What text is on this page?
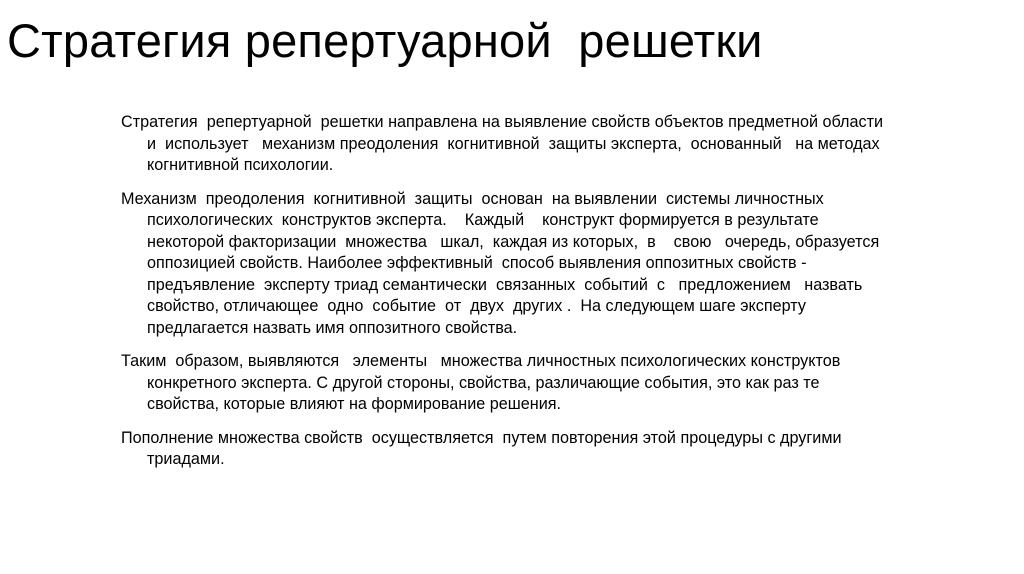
Стратегия репертуарной  решетки

Стратегия  репертуарной  решетки направлена на выявление свойств объектов предметной области и  использует   механизм преодоления  когнитивной  защиты эксперта,  основанный   на методах когнитивной психологии.

Механизм  преодоления  когнитивной  защиты  основан  на выявлении  системы личностных  психологических  конструктов эксперта.    Каждый    конструкт формируется в результате некоторой факторизации  множества   шкал,  каждая из которых,  в    свою   очередь, образуется оппозицией свойств. Наиболее эффективный  способ выявления оппозитных свойств - предъявление  эксперту триад семантически  связанных  событий  с   предложением   назвать свойство, отличающее  одно  событие  от  двух  других .  На следующем шаге эксперту предлагается назвать имя оппозитного свойства.

Таким  образом, выявляются   элементы   множества личностных психологических конструктов конкретного эксперта. С другой стороны, свойства, различающие события, это как раз те свойства, которые влияют на формирование решения.

Пополнение множества свойств  осуществляется  путем повторения этой процедуры с другими триадами.
